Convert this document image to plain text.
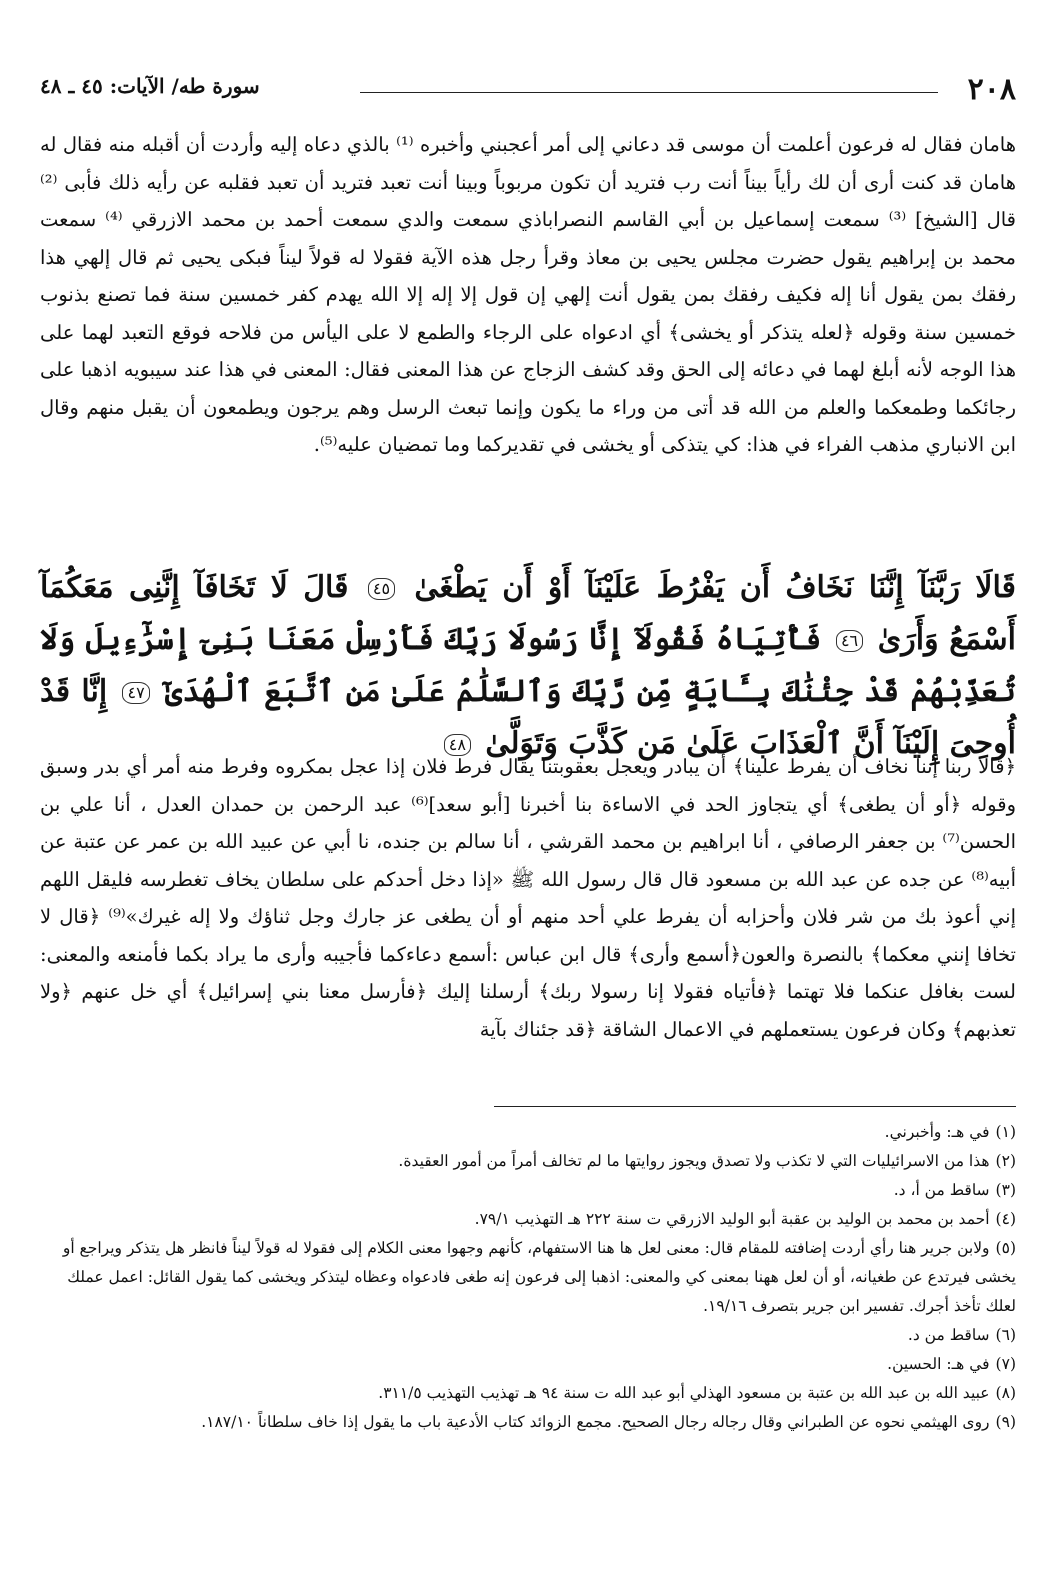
٢٠٨
سورة طه/ الآيات: ٤٥ ـ ٤٨

هامان فقال له فرعون أعلمت أن موسى قد دعاني إلى أمر أعجبني وأخبره ⁽¹⁾ بالذي دعاه إليه وأردت أن أقبله منه فقال له هامان قد كنت أرى أن لك رأياً بيناً أنت رب فتريد أن تكون مربوباً وبينا أنت تعبد فتريد أن تعبد فقلبه عن رأيه ذلك فأبى ⁽²⁾ قال [الشيخ] ⁽³⁾ سمعت إسماعيل بن أبي القاسم النصراباذي سمعت والدي سمعت أحمد بن محمد الازرقي ⁽⁴⁾ سمعت محمد بن إبراهيم يقول حضرت مجلس يحيى بن معاذ وقرأ رجل هذه الآية فقولا له قولاً ليناً فبكى يحيى ثم قال إلهي هذا رفقك بمن يقول أنا إله فكيف رفقك بمن يقول أنت إلهي إن قول إلا إله إلا الله يهدم كفر خمسين سنة فما تصنع بذنوب خمسين سنة وقوله ﴿لعله يتذكر أو يخشى﴾ أي ادعواه على الرجاء والطمع لا على اليأس من فلاحه فوقع التعبد لهما على هذا الوجه لأنه أبلغ لهما في دعائه إلى الحق وقد كشف الزجاج عن هذا المعنى فقال: المعنى في هذا عند سيبويه اذهبا على رجائكما وطمعكما والعلم من الله قد أتى من وراء ما يكون وإنما تبعث الرسل وهم يرجون ويطمعون أن يقبل منهم وقال ابن الانباري مذهب الفراء في هذا: كي يتذكى أو يخشى في تقديركما وما تمضيان عليه⁽⁵⁾.

قَالَا رَبَّنَآ إِنَّنَا نَخَافُ أَن يَفْرُطَ عَلَيْنَآ أَوْ أَن يَطْغَىٰ ٤٥ قَالَ لَا تَخَافَآ إِنَّنِى مَعَكُمَآ أَسْمَعُ وَأَرَىٰ ٤٦ فَأْتِيَاهُ فَقُولَآ إِنَّا رَسُولَا رَبِّكَ فَأَرْسِلْ مَعَنَا بَنِىٓ إِسْرَٰٓءِيلَ وَلَا تُعَذِّبْهُمْ قَدْ جِئْنَٰكَ بِـَٔايَةٍ مِّن رَّبِّكَ وَٱلسَّلَٰمُ عَلَىٰ مَنِ ٱتَّبَعَ ٱلْهُدَىٰٓ ٤٧ إِنَّا قَدْ أُوحِىَ إِلَيْنَآ أَنَّ ٱلْعَذَابَ عَلَىٰ مَن كَذَّبَ وَتَوَلَّىٰ ٤٨

﴿قالا ربنا إننا نخاف أن يفرط علينا﴾ أن يبادر ويعجل بعقوبتنا يقال فرط فلان إذا عجل بمكروه وفرط منه أمر أي بدر وسبق وقوله ﴿أو أن يطغى﴾ أي يتجاوز الحد في الاساءة بنا أخبرنا [أبو سعد]⁽⁶⁾ عبد الرحمن بن حمدان العدل ، أنا علي بن الحسن⁽⁷⁾ بن جعفر الرصافي ، أنا ابراهيم بن محمد القرشي ، أنا سالم بن جنده، نا أبي عن عبيد الله بن عمر عن عتبة عن أبيه⁽⁸⁾ عن جده عن عبد الله بن مسعود قال قال رسول الله ﷺ «إذا دخل أحدكم على سلطان يخاف تغطرسه فليقل اللهم إني أعوذ بك من شر فلان وأحزابه أن يفرط علي أحد منهم أو أن يطغى عز جارك وجل ثناؤك ولا إله غيرك»⁽⁹⁾ ﴿قال لا تخافا إنني معكما﴾ بالنصرة والعون﴿أسمع وأرى﴾ قال ابن عباس :أسمع دعاءكما فأجيبه وأرى ما يراد بكما فأمنعه والمعنى: لست بغافل عنكما فلا تهتما ﴿فأتياه فقولا إنا رسولا ربك﴾ أرسلنا إليك ﴿فأرسل معنا بني إسرائيل﴾ أي خل عنهم ﴿ولا تعذبهم﴾ وكان فرعون يستعملهم في الاعمال الشاقة ﴿قد جئناك بآية

(١)في هـ: وأخبرني.

(٢)هذا من الاسرائيليات التي لا تكذب ولا تصدق ويجوز روايتها ما لم تخالف أمراً من أمور العقيدة.

(٣)ساقط من أ، د.

(٤)أحمد بن محمد بن الوليد بن عقبة أبو الوليد الازرقي ت سنة ٢٢٢ هـ التهذيب ٧٩/١.

(٥)ولابن جرير هنا رأي أردت إضافته للمقام قال: معنى لعل ها هنا الاستفهام، كأنهم وجهوا معنى الكلام إلى فقولا له قولاً ليناً فانظر هل يتذكر ويراجع أو يخشى فيرتدع عن طغيانه، أو أن لعل ههنا بمعنى كي والمعنى: اذهبا إلى فرعون إنه طغى فادعواه وعظاه ليتذكر ويخشى كما يقول القائل: اعمل عملك لعلك تأخذ أجرك. تفسير ابن جرير بتصرف ١٩/١٦.

(٦)ساقط من د.

(٧)في هـ: الحسين.

(٨)عبيد الله بن عبد الله بن عتبة بن مسعود الهذلي أبو عبد الله ت سنة ٩٤ هـ تهذيب التهذيب ٣١١/٥.

(٩)روى الهيثمي نحوه عن الطبراني وقال رجاله رجال الصحيح. مجمع الزوائد كتاب الأدعية باب ما يقول إذا خاف سلطاناً ١٨٧/١٠.
